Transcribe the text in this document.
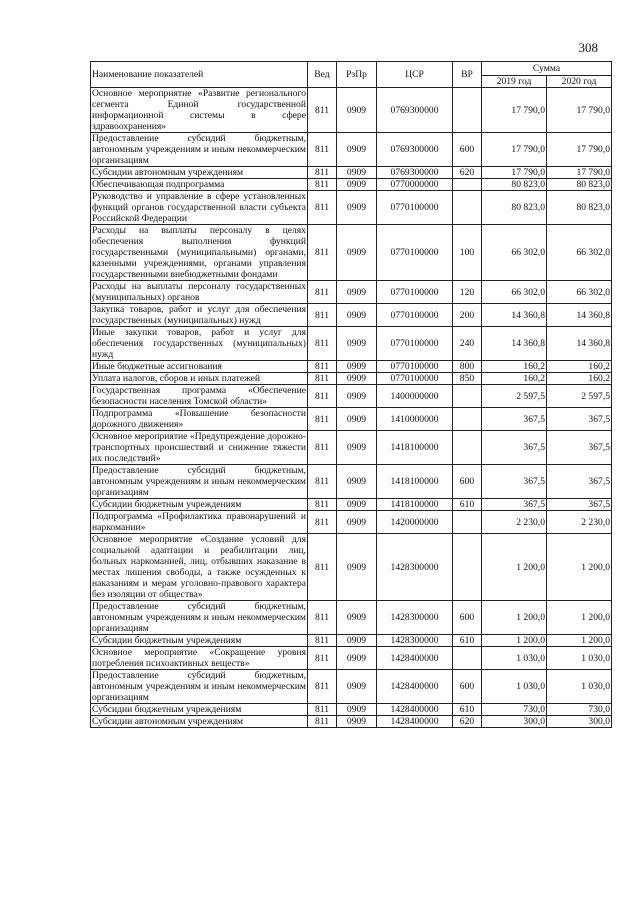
308
Наименование показателей	Вед	РзПр	ЦСР	ВР	Сумма	
					2019 год	2020 год
Основное мероприятие «Развитие регионального сегмента Единой государственной информационной системы в сфере здравоохранения»	811	0909	0769300000		17 790,0	17 790,0
Предоставление субсидий бюджетным, автономным учреждениям и иным некоммерческим организациям	811	0909	0769300000	600	17 790,0	17 790,0
Субсидии автономным учреждениям	811	0909	0769300000	620	17 790,0	17 790,0
Обеспечивающая подпрограмма	811	0909	0770000000		80 823,0	80 823,0
Руководство и управление в сфере установленных функций органов государственной власти субъекта Российской Федерации	811	0909	0770100000		80 823,0	80 823,0
Расходы на выплаты персоналу в целях обеспечения выполнения функций государственными (муниципальными) органами, казенными учреждениями, органами управления государственными внебюджетными фондами	811	0909	0770100000	100	66 302,0	66 302,0
Расходы на выплаты персоналу государственных (муниципальных) органов	811	0909	0770100000	120	66 302,0	66 302,0
Закупка товаров, работ и услуг для обеспечения государственных (муниципальных) нужд	811	0909	0770100000	200	14 360,8	14 360,8
Иные закупки товаров, работ и услуг для обеспечения государственных (муниципальных) нужд	811	0909	0770100000	240	14 360,8	14 360,8
Иные бюджетные ассигнования	811	0909	0770100000	800	160,2	160,2
Уплата налогов, сборов и иных платежей	811	0909	0770100000	850	160,2	160,2
Государственная программа «Обеспечение безопасности населения Томской области»	811	0909	1400000000		2 597,5	2 597,5
Подпрограмма «Повышение безопасности дорожного движения»	811	0909	1410000000		367,5	367,5
Основное мероприятие «Предупреждение дорожно-транспортных происшествий и снижение тяжести их последствий»	811	0909	1418100000		367,5	367,5
Предоставление субсидий бюджетным, автономным учреждениям и иным некоммерческим организациям	811	0909	1418100000	600	367,5	367,5
Субсидии бюджетным учреждениям	811	0909	1418100000	610	367,5	367,5
Подпрограмма «Профилактика правонарушений и наркомании»	811	0909	1420000000		2 230,0	2 230,0
Основное мероприятие «Создание условий для социальной адаптации и реабилитации лиц, больных наркоманией, лиц, отбывших наказание в местах лишения свободы, а также осужденных к наказаниям и мерам уголовно-правового характера без изоляции от общества»	811	0909	1428300000		1 200,0	1 200,0
Предоставление субсидий бюджетным, автономным учреждениям и иным некоммерческим организациям	811	0909	1428300000	600	1 200,0	1 200,0
Субсидии бюджетным учреждениям	811	0909	1428300000	610	1 200,0	1 200,0
Основное мероприятие «Сокращение уровня потребления психоактивных веществ»	811	0909	1428400000		1 030,0	1 030,0
Предоставление субсидий бюджетным, автономным учреждениям и иным некоммерческим организациям	811	0909	1428400000	600	1 030,0	1 030,0
Субсидии бюджетным учреждениям	811	0909	1428400000	610	730,0	730,0
Субсидии автономным учреждениям	811	0909	1428400000	620	300,0	300,0
